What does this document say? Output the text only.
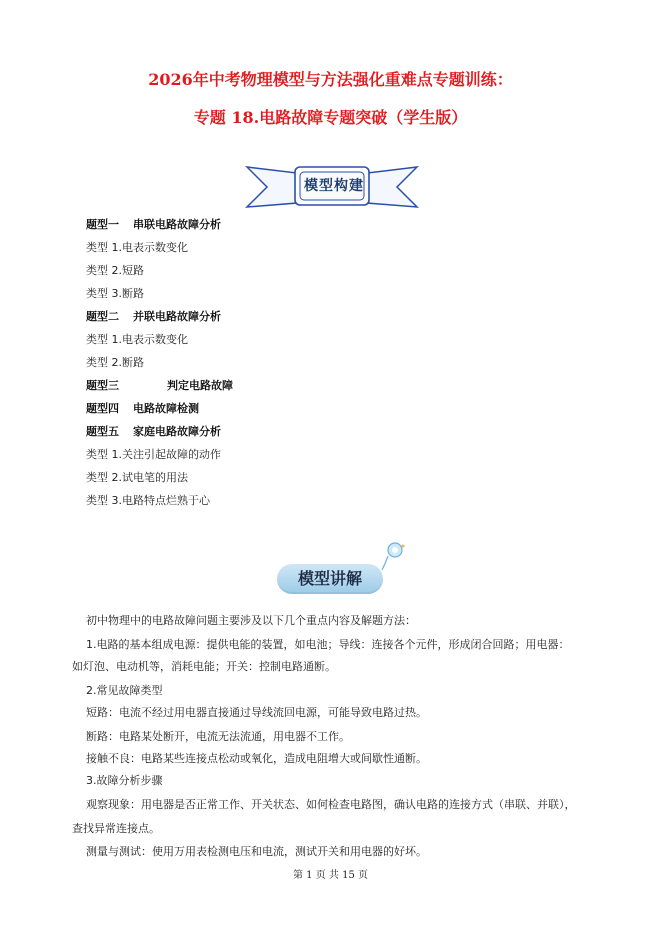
2026年中考物理模型与方法强化重难点专题训练：
专题 18.电路故障专题突破（学生版）
模型构建
题型一 串联电路故障分析
类型 1.电表示数变化
类型 2.短路
类型 3.断路
题型二 并联电路故障分析
类型 1.电表示数变化
类型 2.断路
题型三	判定电路故障
题型四 电路故障检测
题型五 家庭电路故障分析
类型 1.关注引起故障的动作
类型 2.试电笔的用法
类型 3.电路特点烂熟于心
模型讲解
初中物理中的电路故障问题主要涉及以下几个重点内容及解题方法：
1.电路的基本组成电源：提供电能的装置，如电池；导线：连接各个元件，形成闭合回路；用电器：
如灯泡、电动机等，消耗电能；开关：控制电路通断。
2.常见故障类型
短路：电流不经过用电器直接通过导线流回电源，可能导致电路过热。
断路：电路某处断开，电流无法流通，用电器不工作。
接触不良：电路某些连接点松动或氧化，造成电阻增大或间歇性通断。
3.故障分析步骤
观察现象：用电器是否正常工作、开关状态、如何检查电路图，确认电路的连接方式（串联、并联），
查找异常连接点。
测量与测试：使用万用表检测电压和电流，测试开关和用电器的好坏。
第 1 页 共 15 页
